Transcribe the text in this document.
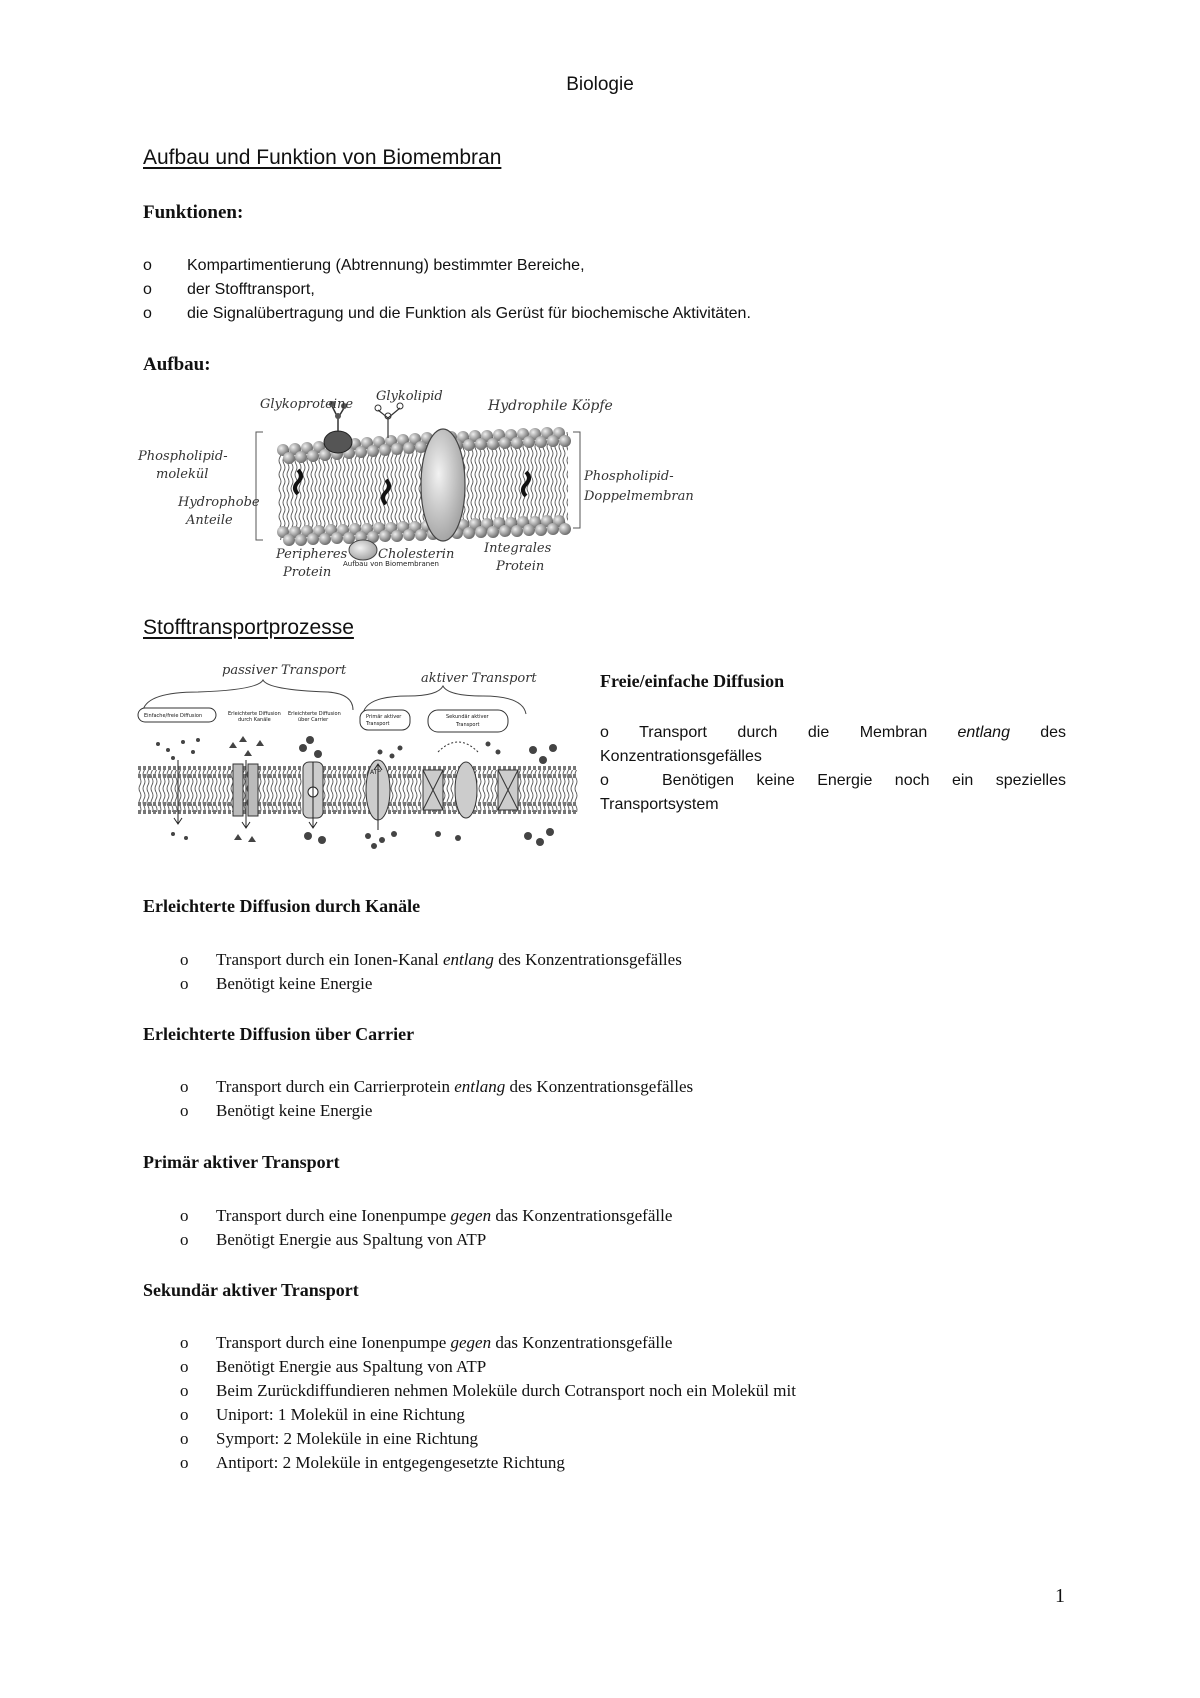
Biologie
Aufbau und Funktion von Biomembran
Funktionen:
o Kompartimentierung (Abtrennung) bestimmter Bereiche,
o der Stofftransport,
o die Signalübertragung und die Funktion als Gerüst für biochemische Aktivitäten.
Aufbau:
Glykoproteine
Glykolipid
Hydrophile Köpfe
Phospholipid-
molekül
Hydrophobe
Anteile
Phospholipid-
Doppelmembran
Cholesterin
Peripheres
Protein
Integrales
Protein
Aufbau von Biomembranen
Stofftransportprozesse
passiver Transport
aktiver Transport
Einfache/freie Diffusion	Erleichterte Diffusion
durch Kanäle
Erleichterte Diffusion
über Carrier	Primär aktiver
Transport
Sekundär aktiver
Transport
ATP
Freie/einfache Diffusion
o Transport durch die Membran entlang des
Konzentrationsgefälles
o	Benötigen keine Energie noch ein spezielles
Transportsystem
Erleichterte Diffusion durch Kanäle
o Transport durch ein Ionen-Kanal entlang des Konzentrationsgefälles
o Benötigt keine Energie
Erleichterte Diffusion über Carrier
o Transport durch ein Carrierprotein entlang des Konzentrationsgefälles
o Benötigt keine Energie
Primär aktiver Transport
o Transport durch eine Ionenpumpe gegen das Konzentrationsgefälle
o Benötigt Energie aus Spaltung von ATP
Sekundär aktiver Transport
o Transport durch eine Ionenpumpe gegen das Konzentrationsgefälle
o Benötigt Energie aus Spaltung von ATP
o Beim Zurückdiffundieren nehmen Moleküle durch Cotransport noch ein Molekül mit
o Uniport: 1 Molekül in eine Richtung
o Symport: 2 Moleküle in eine Richtung
o Antiport: 2 Moleküle in entgegengesetzte Richtung
1
